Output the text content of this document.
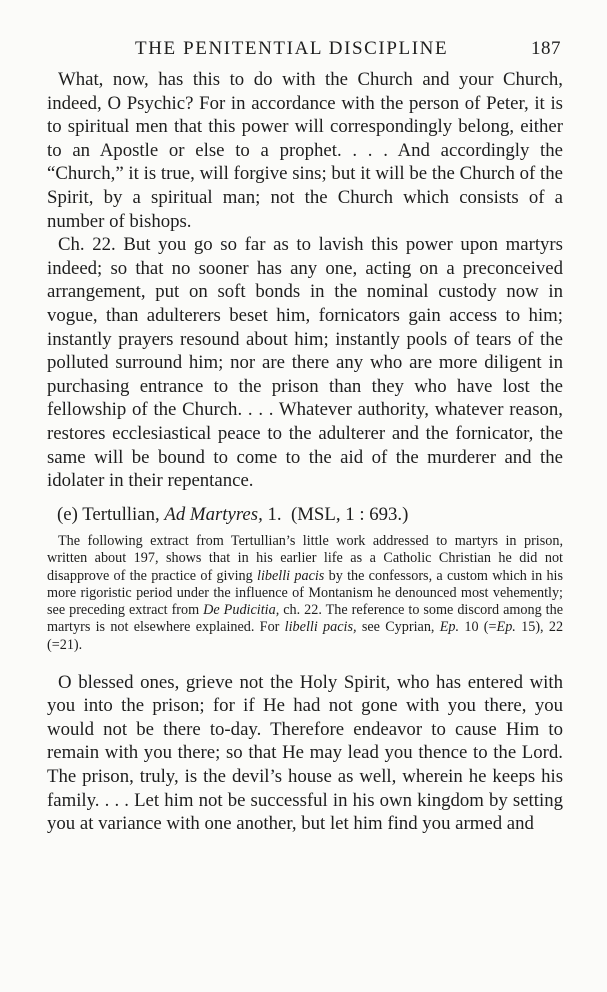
THE PENITENTIAL DISCIPLINE	187

What, now, has this to do with the Church and your Church, indeed, O Psychic? For in accordance with the person of Peter, it is to spiritual men that this power will correspondingly belong, either to an Apostle or else to a prophet. . . . And accordingly the “Church,” it is true, will forgive sins; but it will be the Church of the Spirit, by a spiritual man; not the Church which consists of a number of bishops.

Ch. 22. But you go so far as to lavish this power upon martyrs indeed; so that no sooner has any one, acting on a preconceived arrangement, put on soft bonds in the nominal custody now in vogue, than adulterers beset him, fornicators gain access to him; instantly prayers resound about him; instantly pools of tears of the polluted surround him; nor are there any who are more diligent in purchasing entrance to the prison than they who have lost the fellowship of the Church. . . . Whatever authority, whatever reason, restores ecclesiastical peace to the adulterer and the fornicator, the same will be bound to come to the aid of the murderer and the idolater in their repentance.

(e) Tertullian, Ad Martyres, 1. (MSL, 1 : 693.)

The following extract from Tertullian’s little work addressed to martyrs in prison, written about 197, shows that in his earlier life as a Catholic Christian he did not disapprove of the practice of giving libelli pacis by the confessors, a custom which in his more rigoristic period under the influence of Montanism he denounced most vehemently; see preceding extract from De Pudicitia, ch. 22. The reference to some discord among the martyrs is not elsewhere explained. For libelli pacis, see Cyprian, Ep. 10 (=Ep. 15), 22 (=21).

O blessed ones, grieve not the Holy Spirit, who has entered with you into the prison; for if He had not gone with you there, you would not be there to-day. Therefore endeavor to cause Him to remain with you there; so that He may lead you thence to the Lord. The prison, truly, is the devil’s house as well, wherein he keeps his family. . . . Let him not be successful in his own kingdom by setting you at variance with one another, but let him find you armed and
